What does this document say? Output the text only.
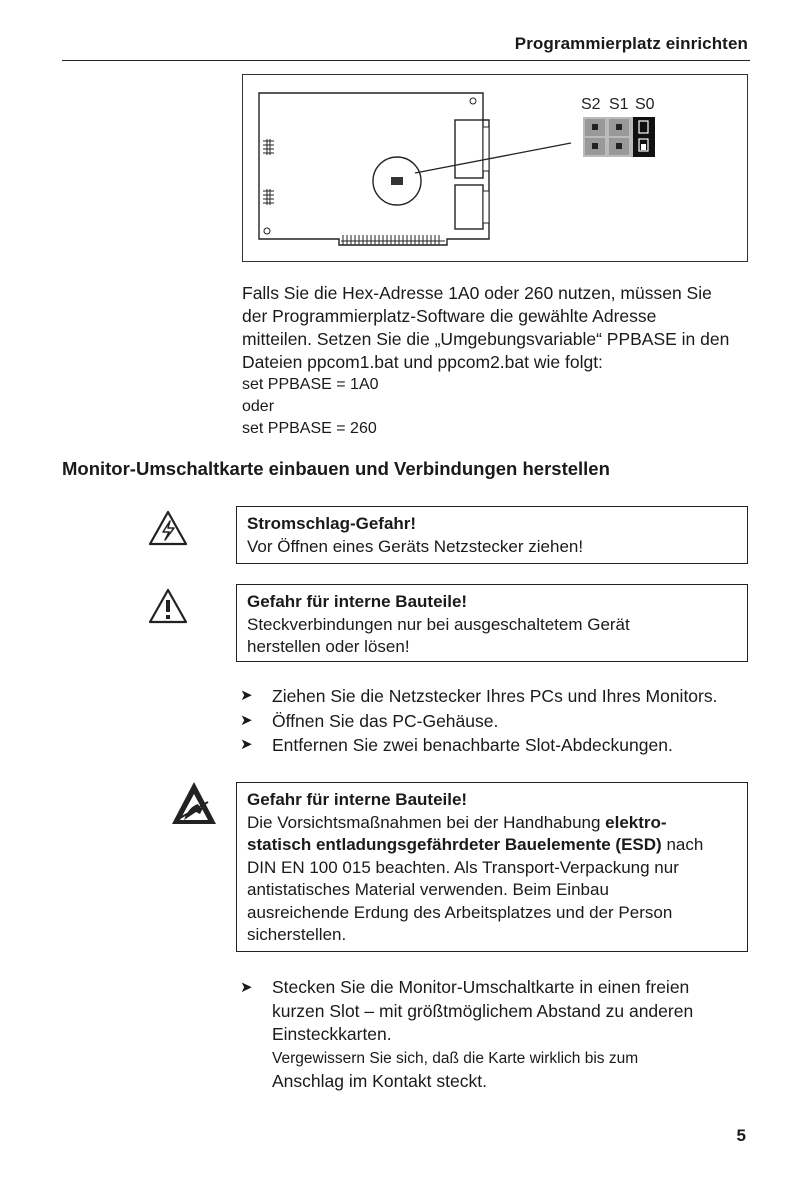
Programmierplatz einrichten
S2 S1 S0
Falls Sie die Hex-Adresse 1A0 oder 260 nutzen, müssen Sie
der Programmierplatz-Software die gewählte Adresse
mitteilen. Setzen Sie die „Umgebungsvariable“ PPBASE in den
Dateien ppcom1.bat und ppcom2.bat wie folgt:
set PPBASE = 1A0
oder
set PPBASE = 260
Monitor-Umschaltkarte einbauen und Verbindungen herstellen
Stromschlag-Gefahr!
Vor Öffnen eines Geräts Netzstecker ziehen!
Gefahr für interne Bauteile!
Steckverbindungen nur bei ausgeschaltetem Gerät
herstellen oder lösen!
➤	Ziehen Sie die Netzstecker Ihres PCs und Ihres Monitors.
➤	Öffnen Sie das PC-Gehäuse.
➤	Entfernen Sie zwei benachbarte Slot-Abdeckungen.
Gefahr für interne Bauteile!
Die Vorsichtsmaßnahmen bei der Handhabung elektro-
statisch entladungsgefährdeter Bauelemente (ESD) nach
DIN EN 100 015 beachten. Als Transport-Verpackung nur
antistatisches Material verwenden. Beim Einbau
ausreichende Erdung des Arbeitsplatzes und der Person
sicherstellen.
➤	Stecken Sie die Monitor-Umschaltkarte in einen freien
kurzen Slot – mit größtmöglichem Abstand zu anderen
Einsteckkarten.
Vergewissern Sie sich, daß die Karte wirklich bis zum
Anschlag im Kontakt steckt.
5
